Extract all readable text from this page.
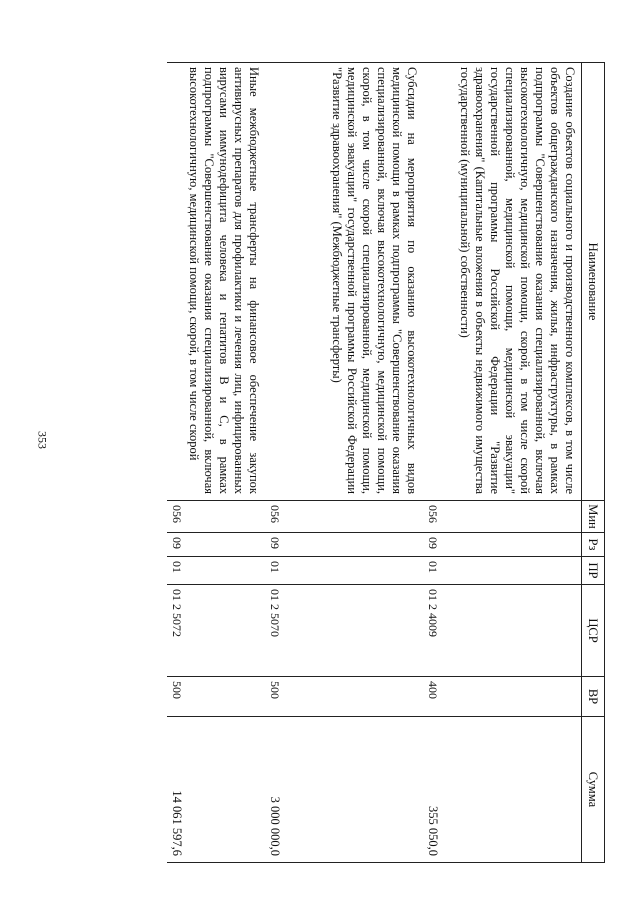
353
Наименование	Мин	Рз	ПР	ЦСР	ВР	Сумма

Создание объектов социального и производственного комплексов, в том числе объектов общегражданского назначения, жилья, инфраструктуры, в рамках подпрограммы "Совершенствование оказания специализированной, включая высокотехнологичную, медицинской помощи, скорой, в том числе скорой специализированной, медицинской помощи, медицинской эвакуации" государственной программы Российской Федерации "Развитие здравоохранения" (Капитальные вложения в объекты недвижимого имущества государственной (муниципальной) собственности)	056	09	01	01 2 4009	400	355 050,0

Субсидии на мероприятия по оказанию высокотехнологичных видов медицинской помощи в рамках подпрограммы "Совершенствование оказания специализированной, включая высокотехнологичную, медицинской помощи, скорой, в том числе скорой специализированной, медицинской помощи, медицинской эвакуации" государственной программы Российской Федерации "Развитие здравоохранения" (Межбюджетные трансферты)	056	09	01	01 2 5070	500	3 000 000,0

Иные межбюджетные трансферты на финансовое обеспечение закупок антивирусных препаратов для профилактики и лечения лиц, инфицированных вирусами иммунодефицита человека и гепатитов B и C, в рамках подпрограммы "Совершенствование оказания специализированной, включая высокотехнологичную, медицинской помощи, скорой, в том числе скорой	056	09	01	01 2 5072	500	14 061 597,6
